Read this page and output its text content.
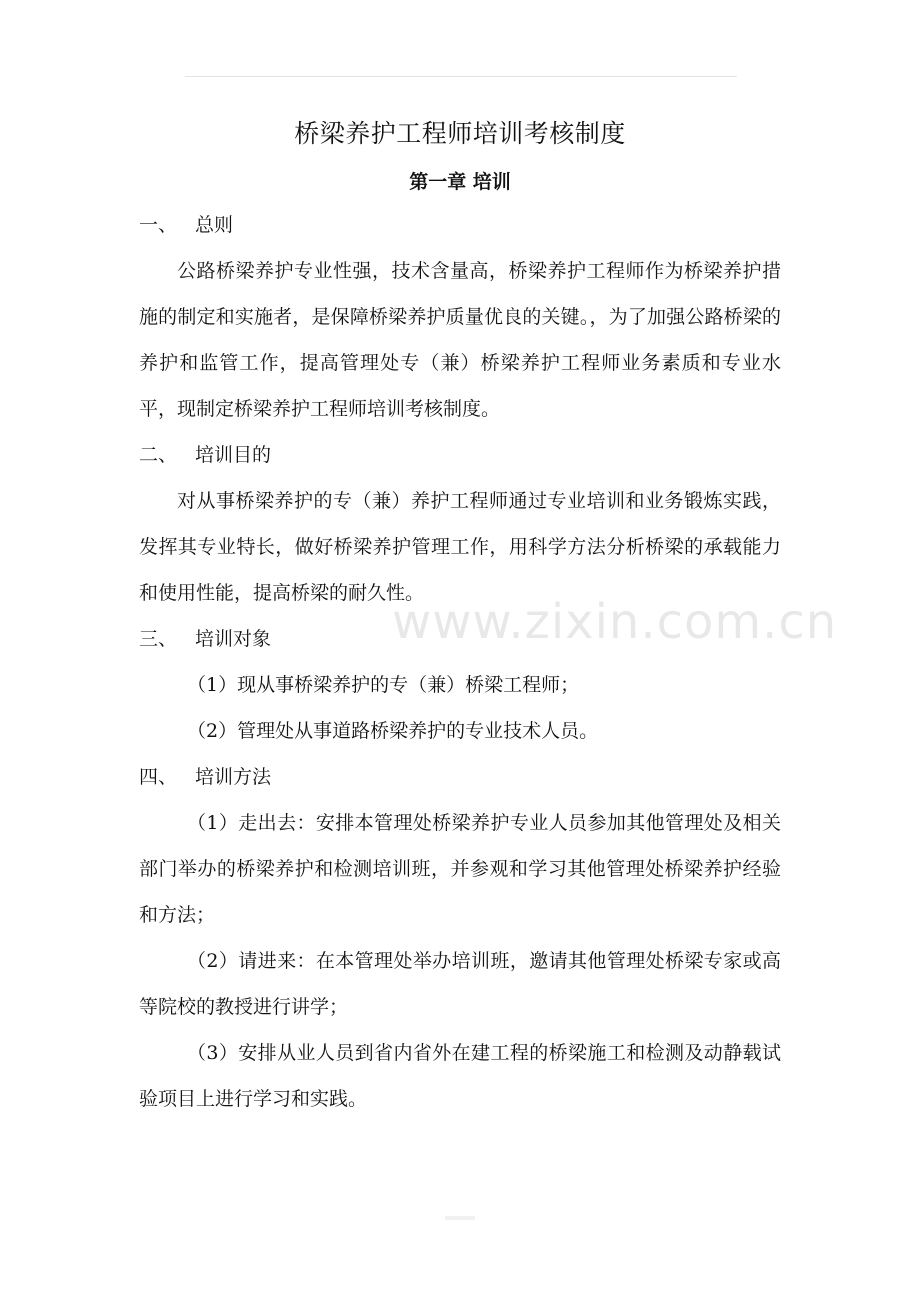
桥梁养护工程师培训考核制度
第一章 培训
一、 总则

公路桥梁养护专业性强，技术含量高，桥梁养护工程师作为桥梁养护措施的制定和实施者，是保障桥梁养护质量优良的关键。，为了加强公路桥梁的养护和监管工作，提高管理处专（兼）桥梁养护工程师业务素质和专业水平，现制定桥梁养护工程师培训考核制度。

二、 培训目的

对从事桥梁养护的专（兼）养护工程师通过专业培训和业务锻炼实践，发挥其专业特长，做好桥梁养护管理工作，用科学方法分析桥梁的承载能力和使用性能，提高桥梁的耐久性。

三、 培训对象

（1）现从事桥梁养护的专（兼）桥梁工程师；

（2）管理处从事道路桥梁养护的专业技术人员。

四、 培训方法

（1）走出去：安排本管理处桥梁养护专业人员参加其他管理处及相关部门举办的桥梁养护和检测培训班，并参观和学习其他管理处桥梁养护经验和方法；

（2）请进来：在本管理处举办培训班，邀请其他管理处桥梁专家或高等院校的教授进行讲学；

（3）安排从业人员到省内省外在建工程的桥梁施工和检测及动静载试验项目上进行学习和实践。

www.zixin.com.cn
